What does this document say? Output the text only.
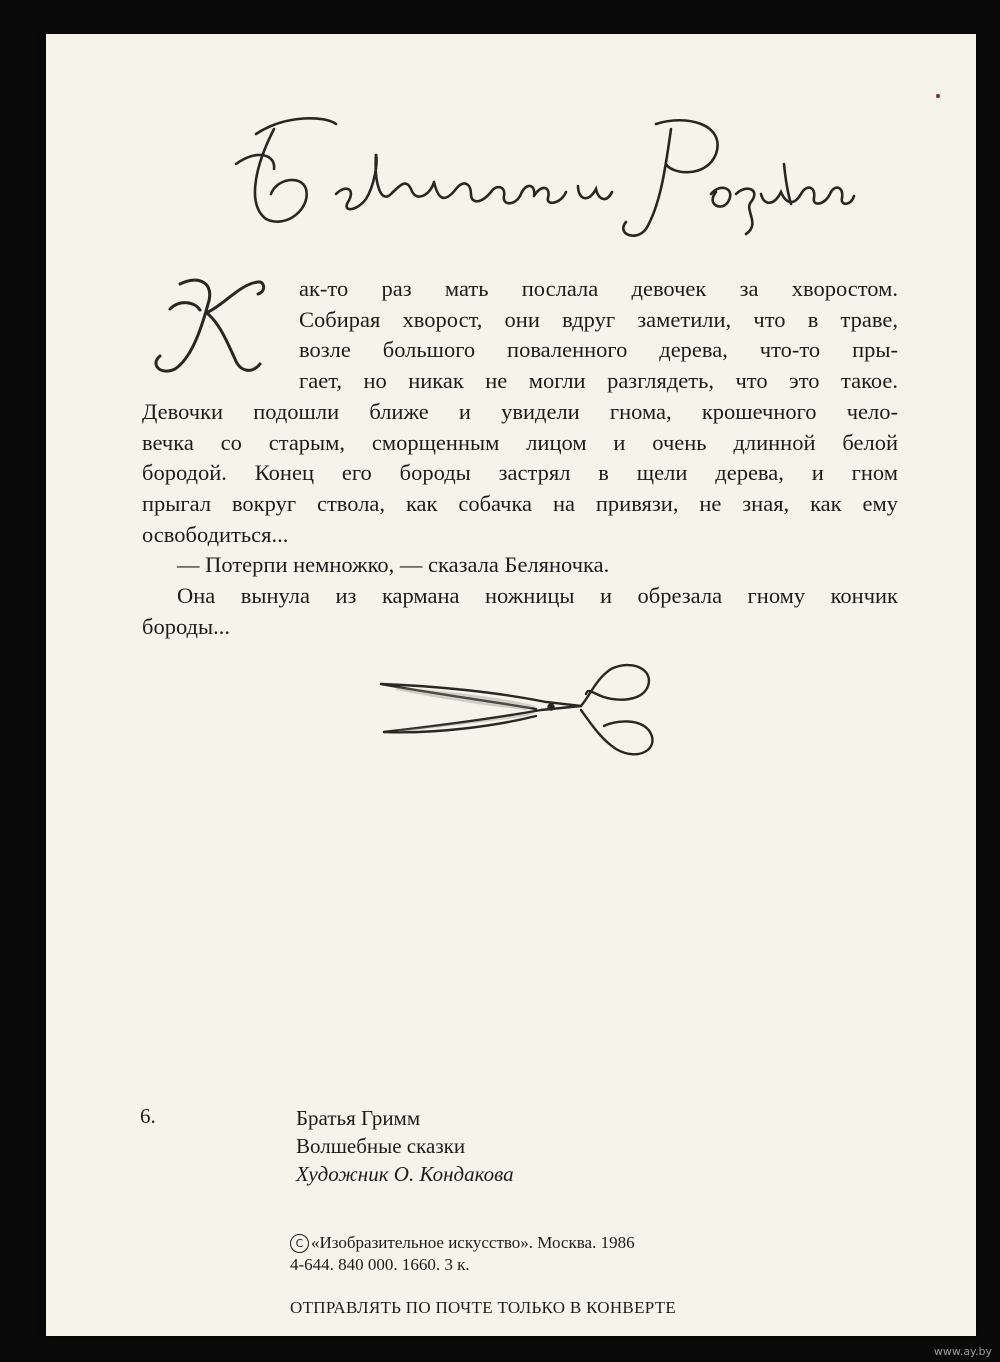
ак-то раз мать послала девочек за хворостом.
Собирая хворост, они вдруг заметили, что в траве,
возле большого поваленного дерева, что-то пры-
гает, но никак не могли разглядеть, что это такое.
Девочки подошли ближе и увидели гнома, крошечного чело-
вечка со старым, сморщенным лицом и очень длинной белой
бородой. Конец его бороды застрял в щели дерева, и гном
прыгал вокруг ствола, как собачка на привязи, не зная, как ему
освободиться...

— Потерпи немножко, — сказала Беляночка.

Она вынула из кармана ножницы и обрезала гному кончик
бороды...

6.	Братья Гримм
Волшебные сказки
Художник О. Кондакова
C «Изобразительное искусство». Москва. 1986
4-644. 840 000. 1660. 3 к.
ОТПРАВЛЯТЬ ПО ПОЧТЕ ТОЛЬКО В КОНВЕРТЕ
www.ay.by
